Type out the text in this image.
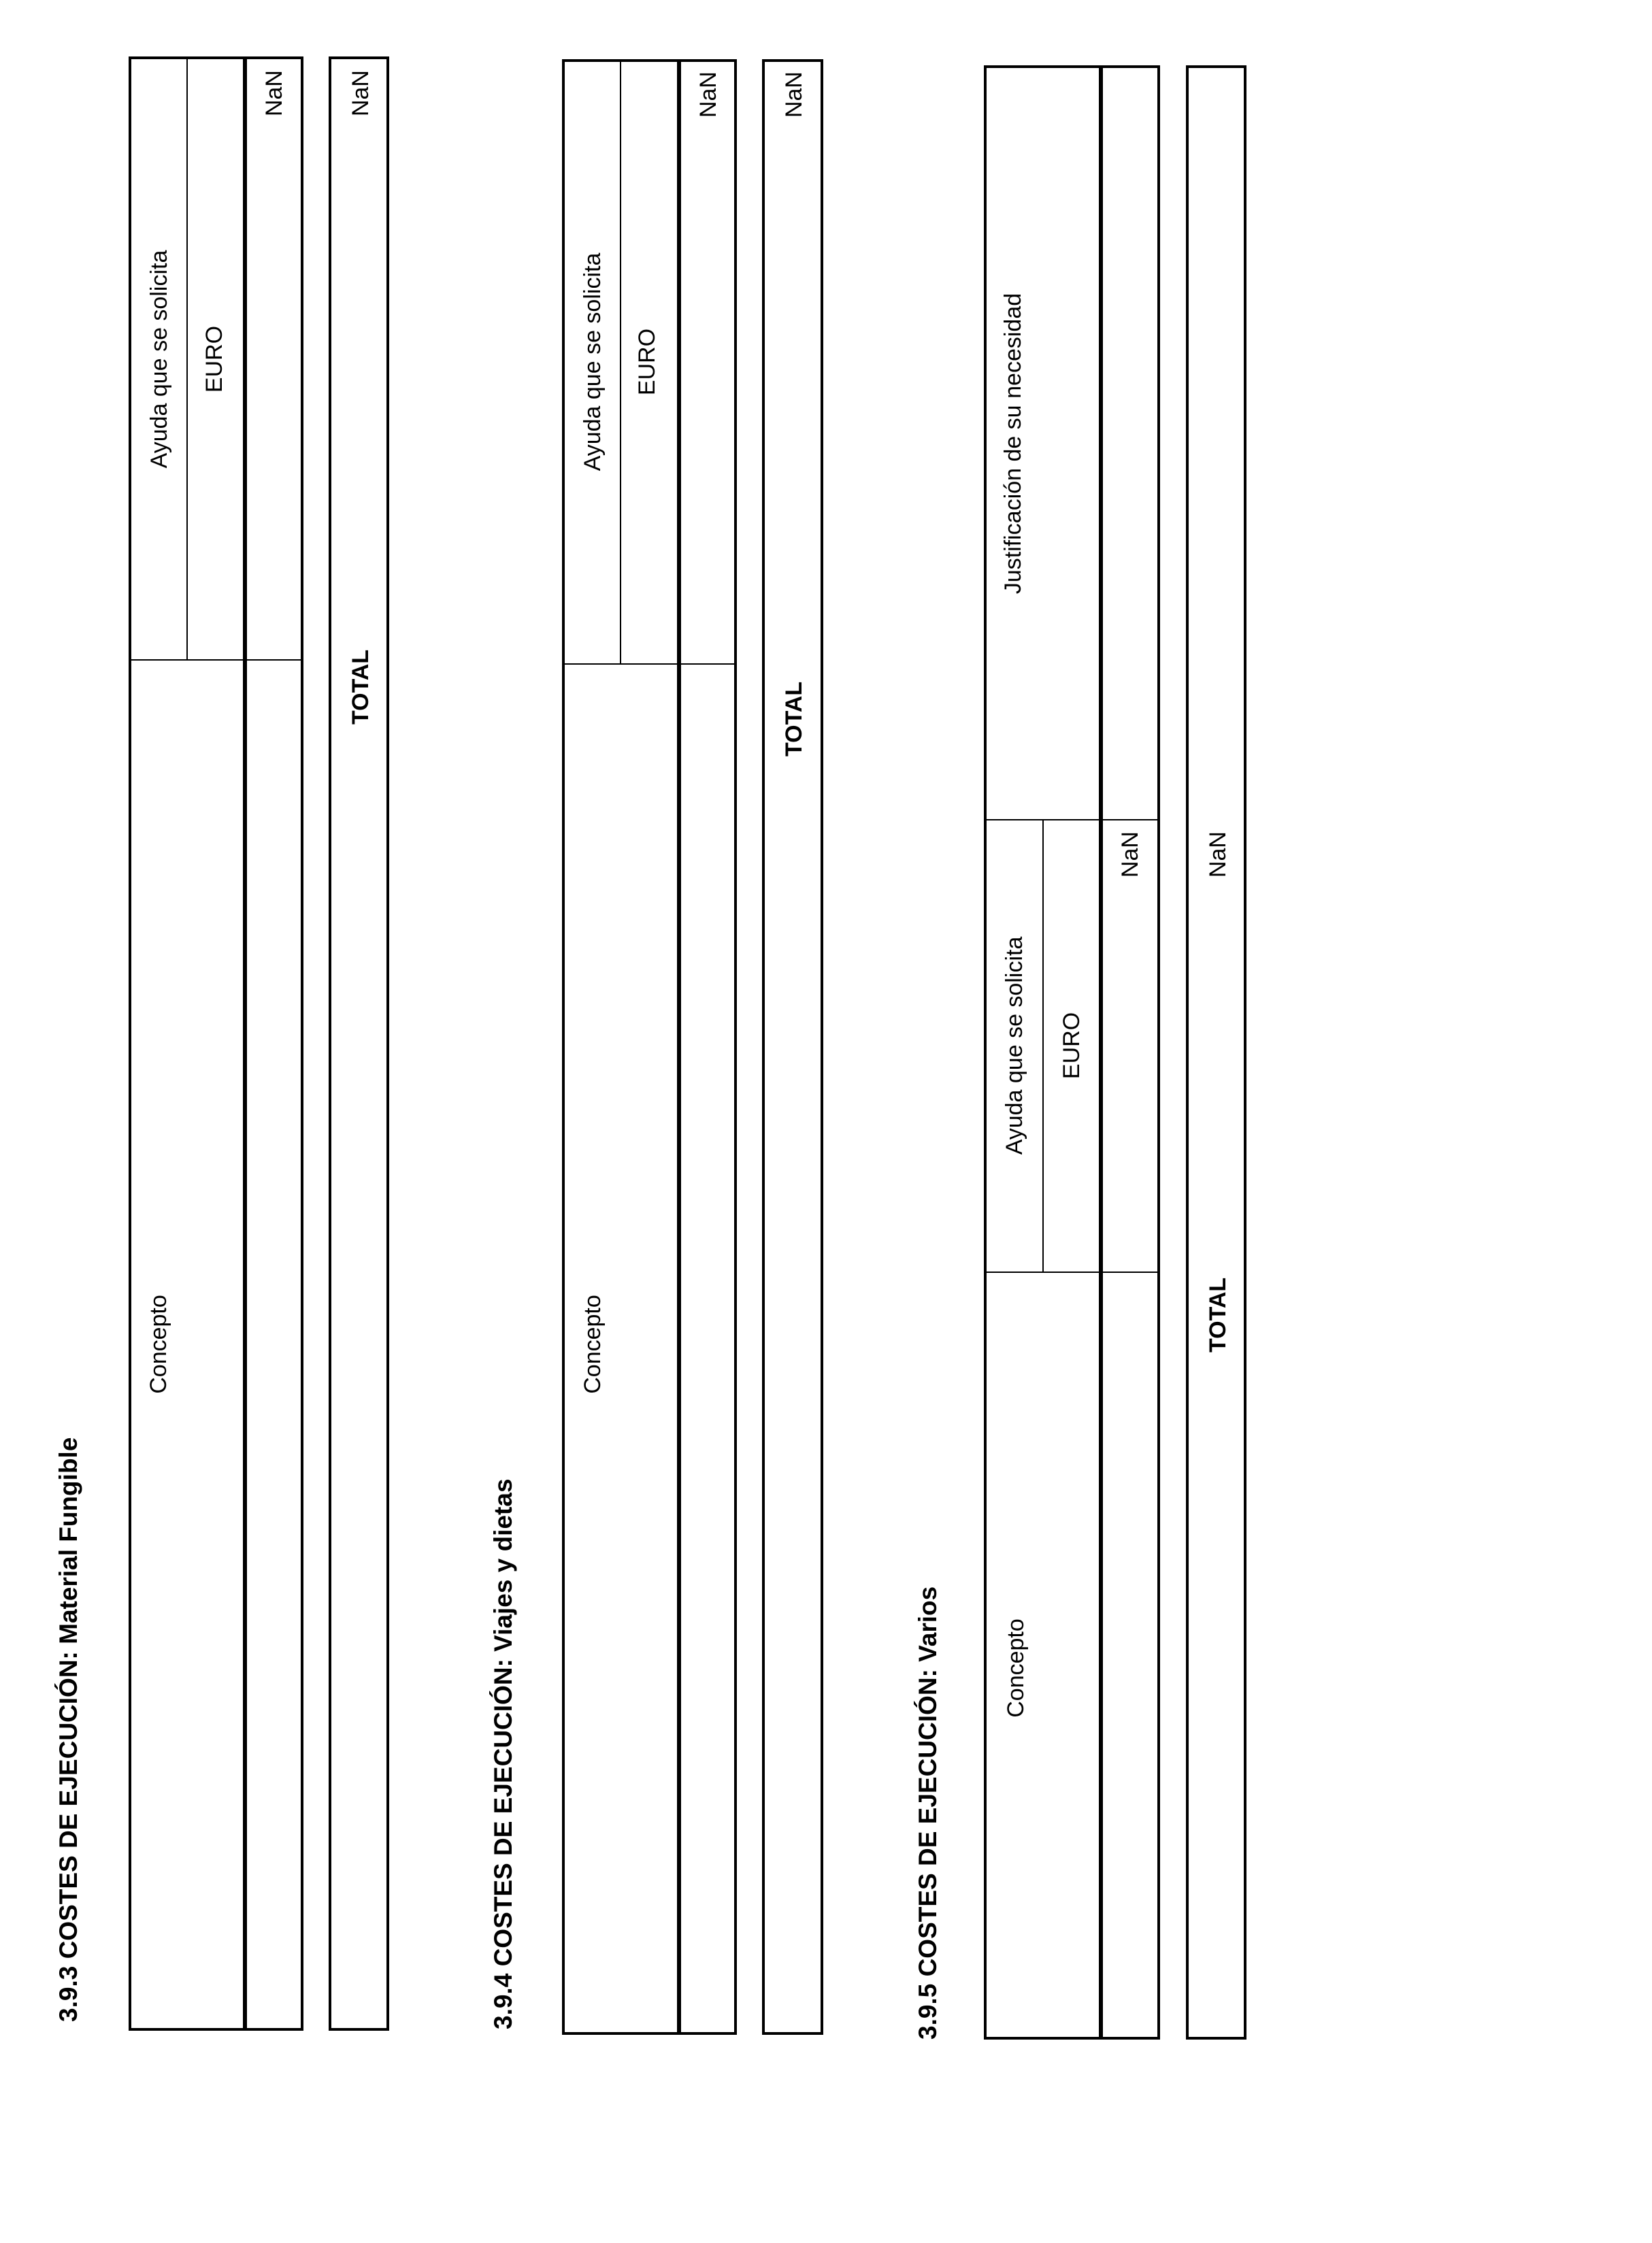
3.9.3 COSTES DE EJECUCIÓN: Material Fungible
Concepto
Ayuda que se solicita EURO
NaN
TOTAL
NaN
3.9.4 COSTES DE EJECUCIÓN: Viajes y dietas
Concepto
Ayuda que se solicita EURO
NaN
TOTAL
NaN
3.9.5 COSTES DE EJECUCIÓN: Varios	Concepto
Ayuda que se solicita EURO
Justificación de su necesidad
NaN
TOTAL
NaN
